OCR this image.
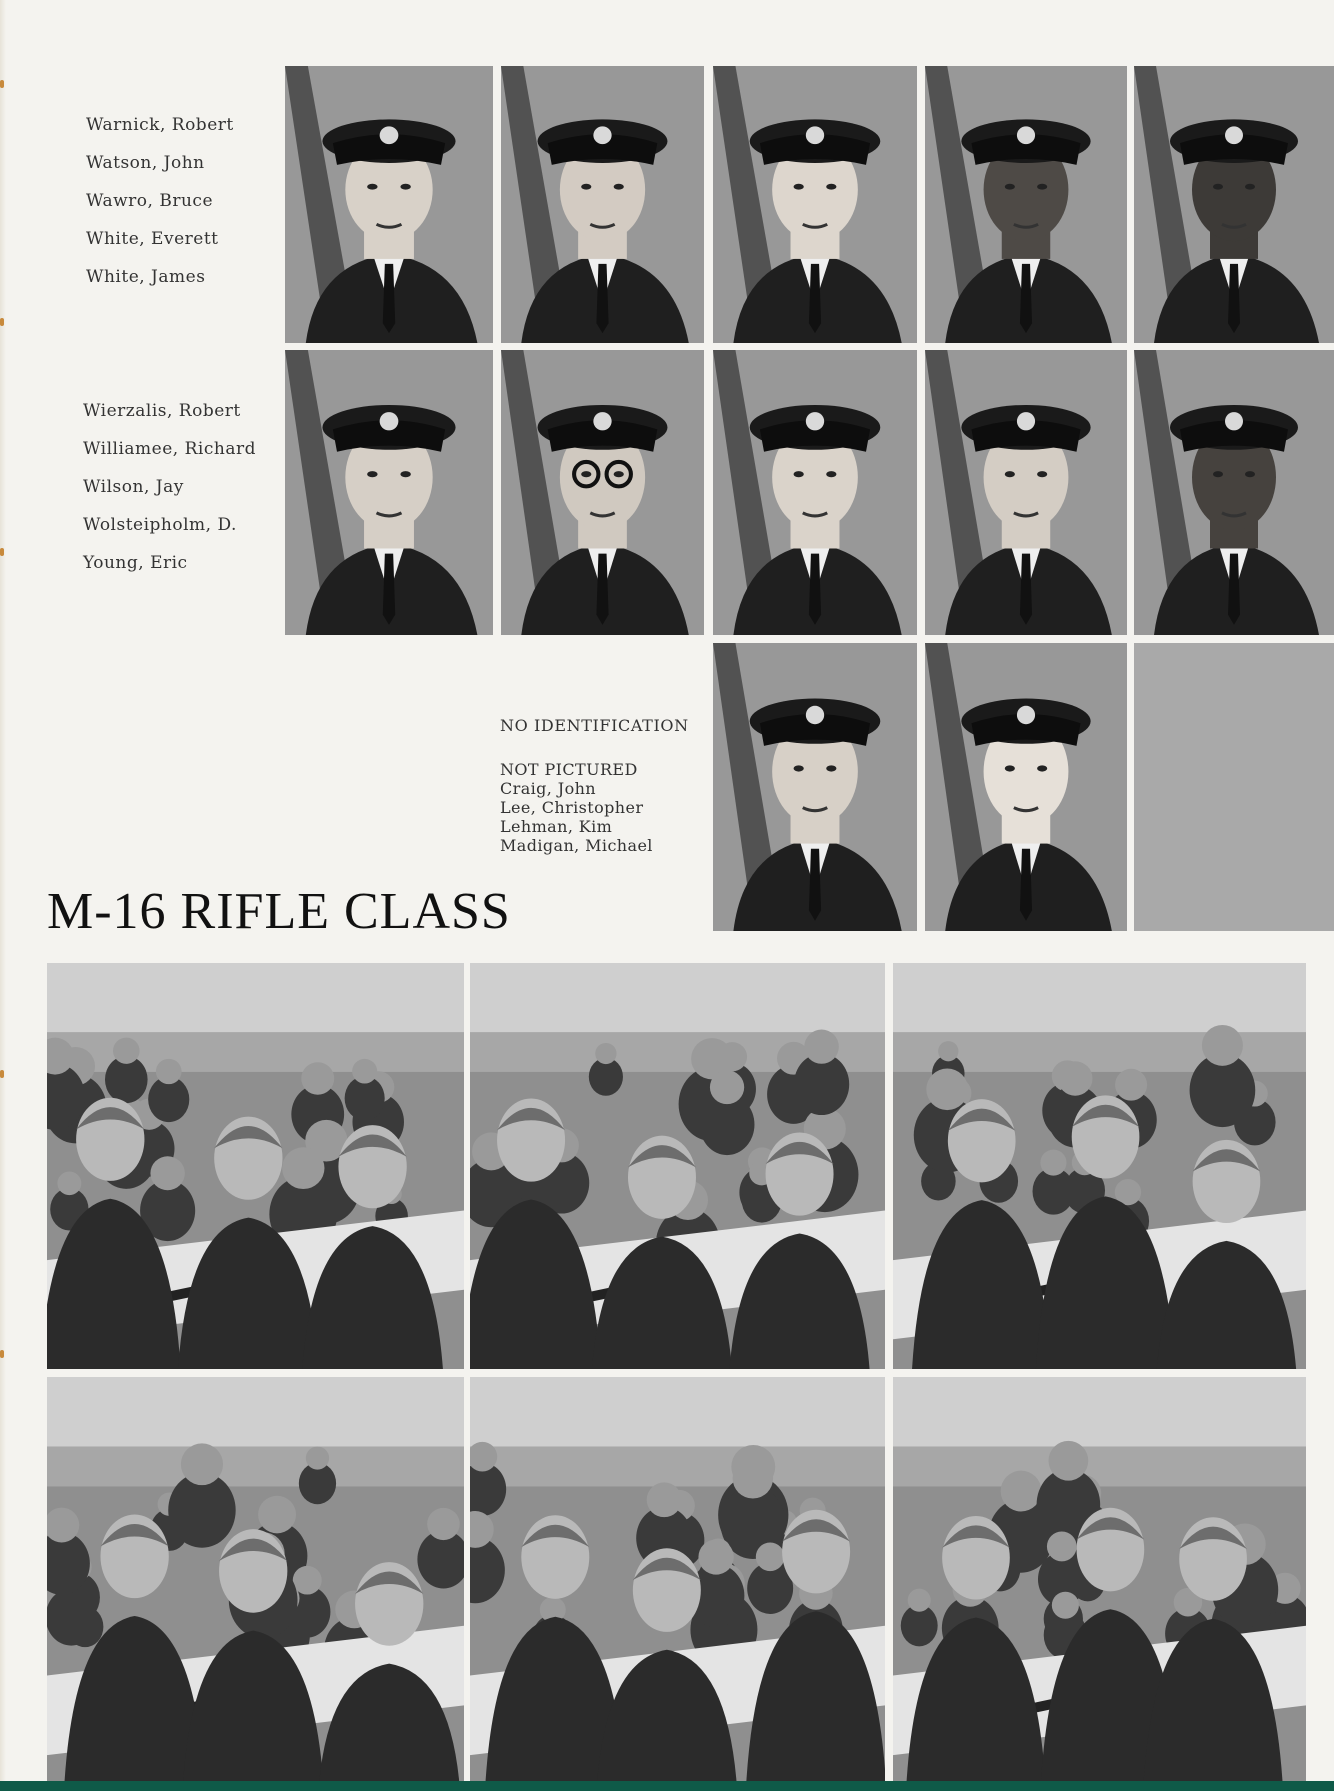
Warnick, Robert
Watson, John
Wawro, Bruce
White, Everett
White, James
Wierzalis, Robert
Williamee, Richard
Wilson, Jay
Wolsteipholm, D.
Young, Eric
NO IDENTIFICATION
NOT PICTURED
Craig, John
Lee, Christopher
Lehman, Kim
Madigan, Michael
M-16 RIFLE CLASS
